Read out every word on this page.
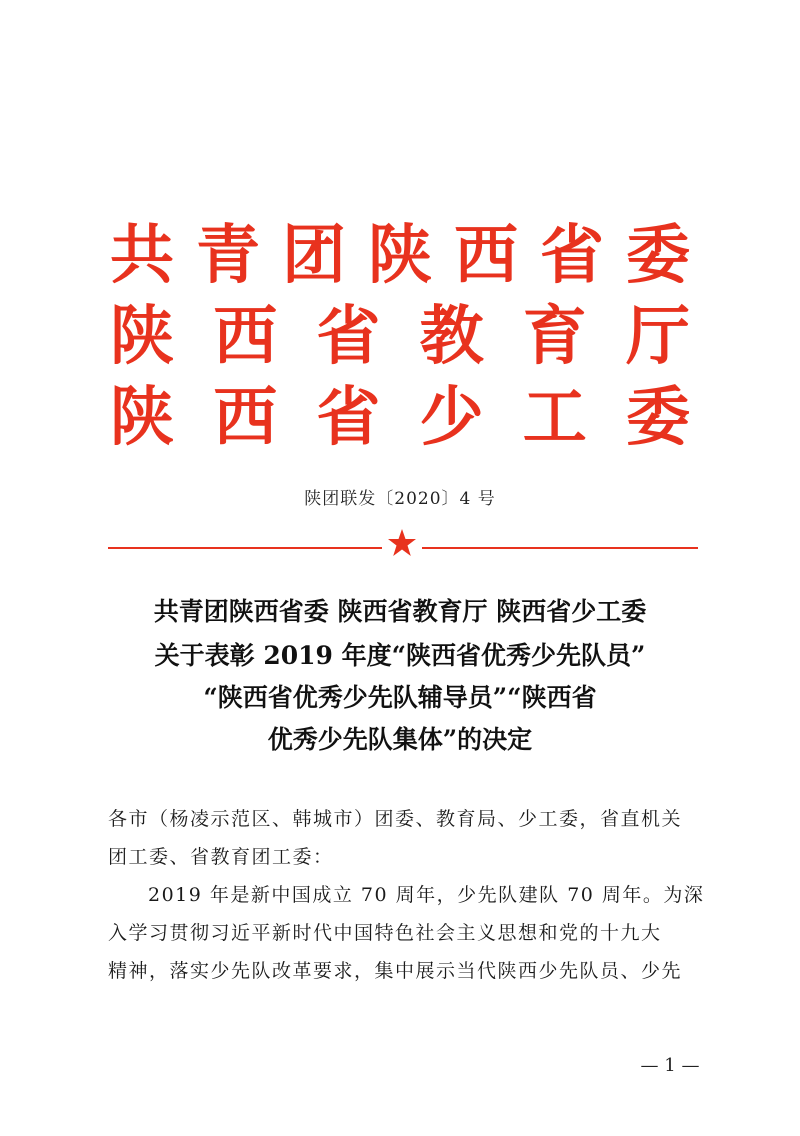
共 青 团 陕 西 省 委
陕 西 省 教 育 厅
陕 西 省 少 工 委
陕团联发〔2020〕4 号
共青团陕西省委 陕西省教育厅 陕西省少工委
关于表彰 2019 年度“陕西省优秀少先队员”
“陕西省优秀少先队辅导员”“陕西省
优秀少先队集体”的决定
各市（杨凌示范区、韩城市）团委、教育局、少工委，省直机关
团工委、省教育团工委：
2019 年是新中国成立 70 周年，少先队建队 70 周年。为深
入学习贯彻习近平新时代中国特色社会主义思想和党的十九大
精神，落实少先队改革要求，集中展示当代陕西少先队员、少先
— 1 —
